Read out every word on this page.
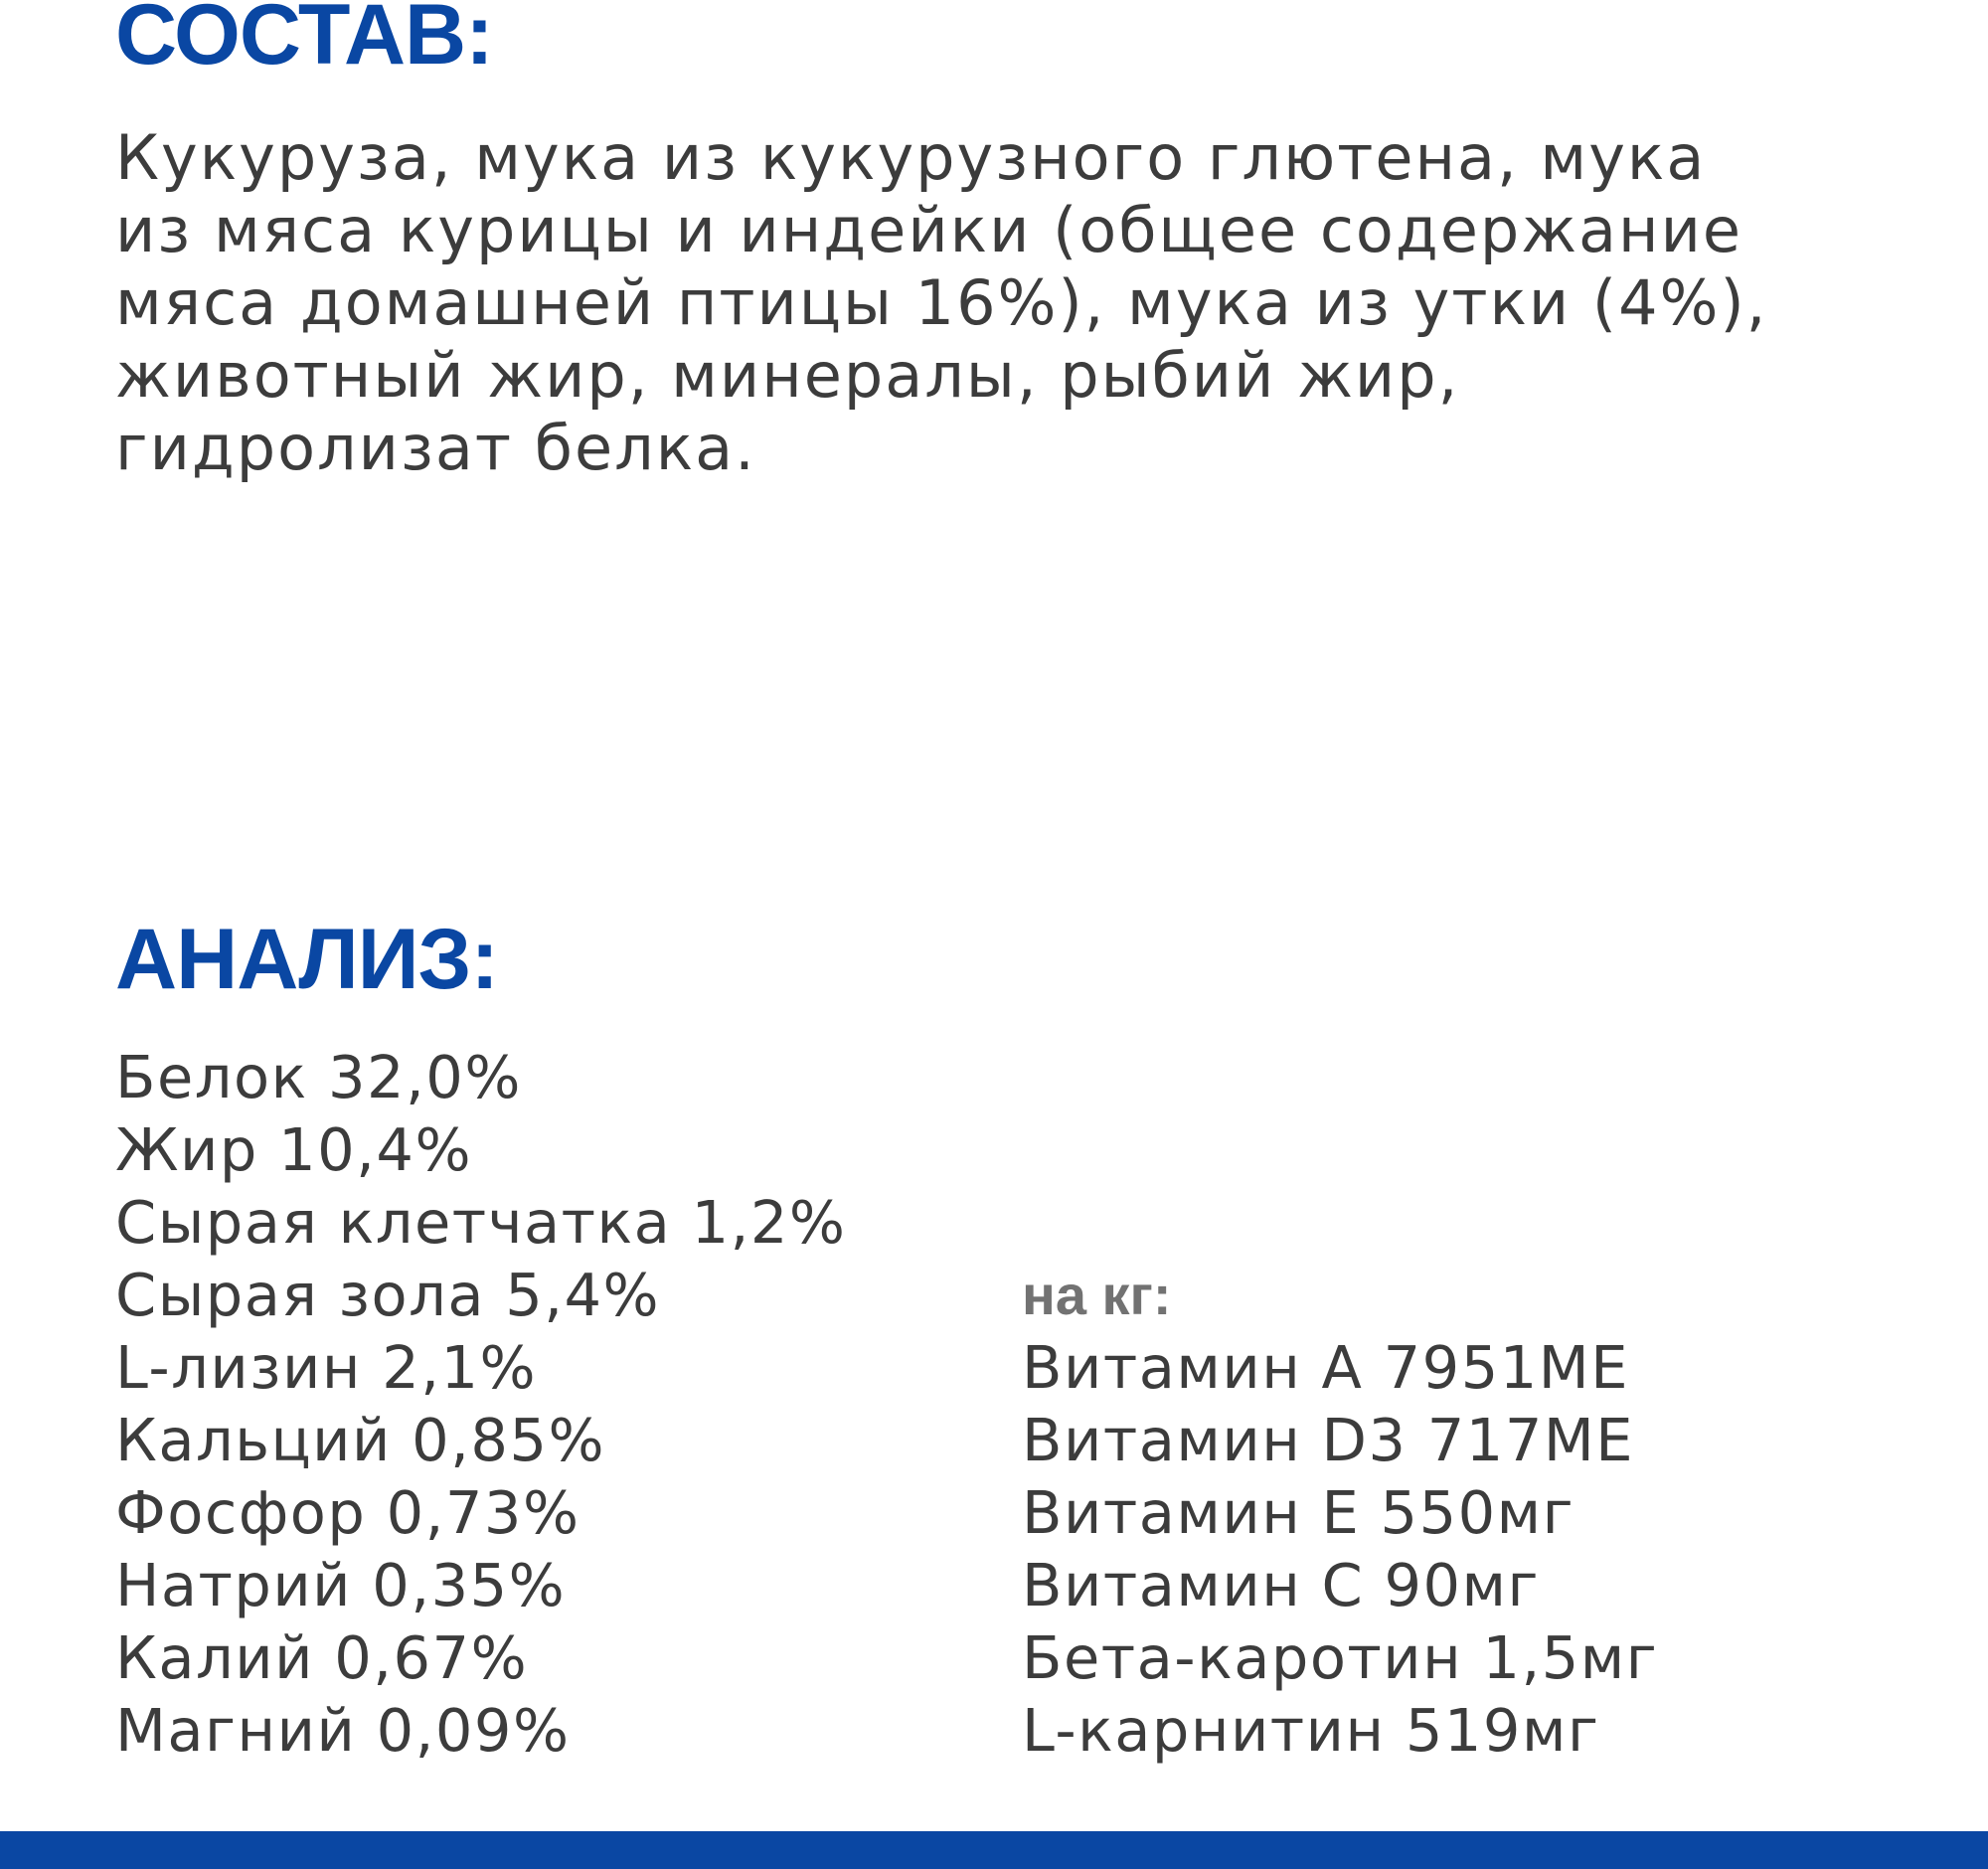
СОСТАВ:

Кукуруза, мука из кукурузного глютена, мука
из мяса курицы и индейки (общее содержание
мяса домашней птицы 16%), мука из утки (4%),
животный жир, минералы, рыбий жир,
гидролизат белка.

АНАЛИЗ:
Белок 32,0%
Жир 10,4%
Сырая клетчатка 1,2%
Сырая зола 5,4%
L-лизин 2,1%
Кальций 0,85%
Фосфор 0,73%
Натрий 0,35%
Калий 0,67%
Магний 0,09%

на кг:

Витамин А 7951МЕ
Витамин D3 717МЕ
Витамин Е 550мг
Витамин С 90мг
Бета-каротин 1,5мг
L-карнитин 519мг
